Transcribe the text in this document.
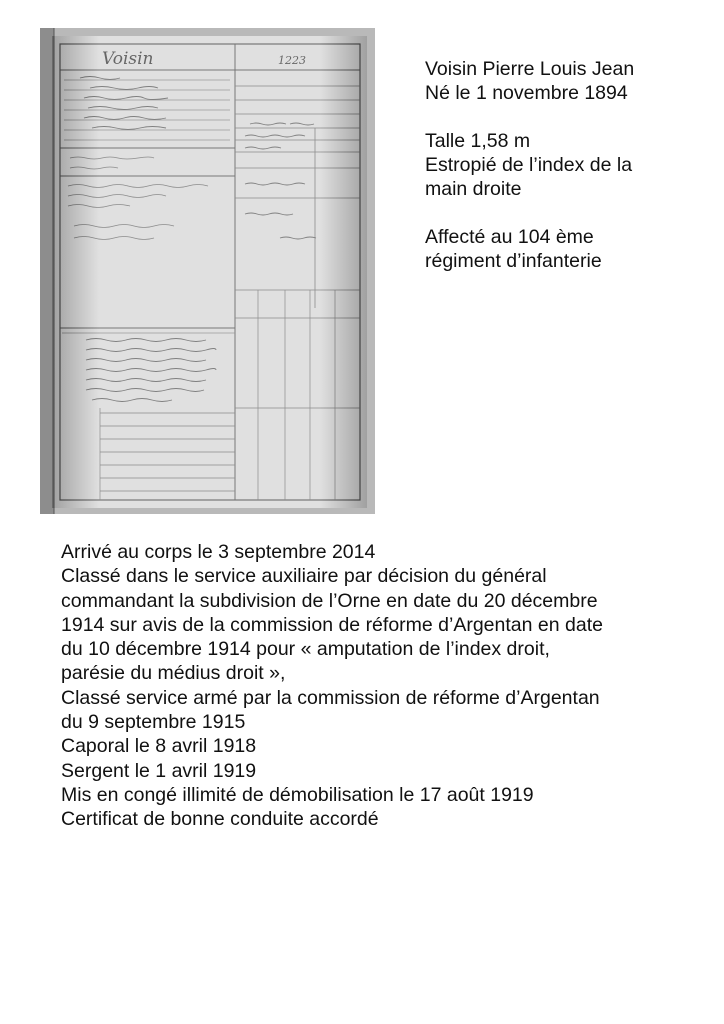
Voisin	1223	Voisin Pierre Louis Jean
Né le 1 novembre 1894

Talle 1,58 m
Estropié de l’index de la
main droite

Affecté au 104 ème
régiment d’infanterie

Arrivé au corps le 3 septembre 2014
Classé dans le service auxiliaire par décision du général
commandant la subdivision de l’Orne en date du 20 décembre
1914 sur avis de la commission de réforme d’Argentan en date
du 10 décembre 1914 pour « amputation de l’index droit,
parésie du médius droit »,
Classé service armé par la commission de réforme d’Argentan
du 9 septembre 1915
Caporal le 8 avril 1918
Sergent le 1 avril 1919
Mis en congé illimité de démobilisation le 17 août 1919
Certificat de bonne conduite accordé
